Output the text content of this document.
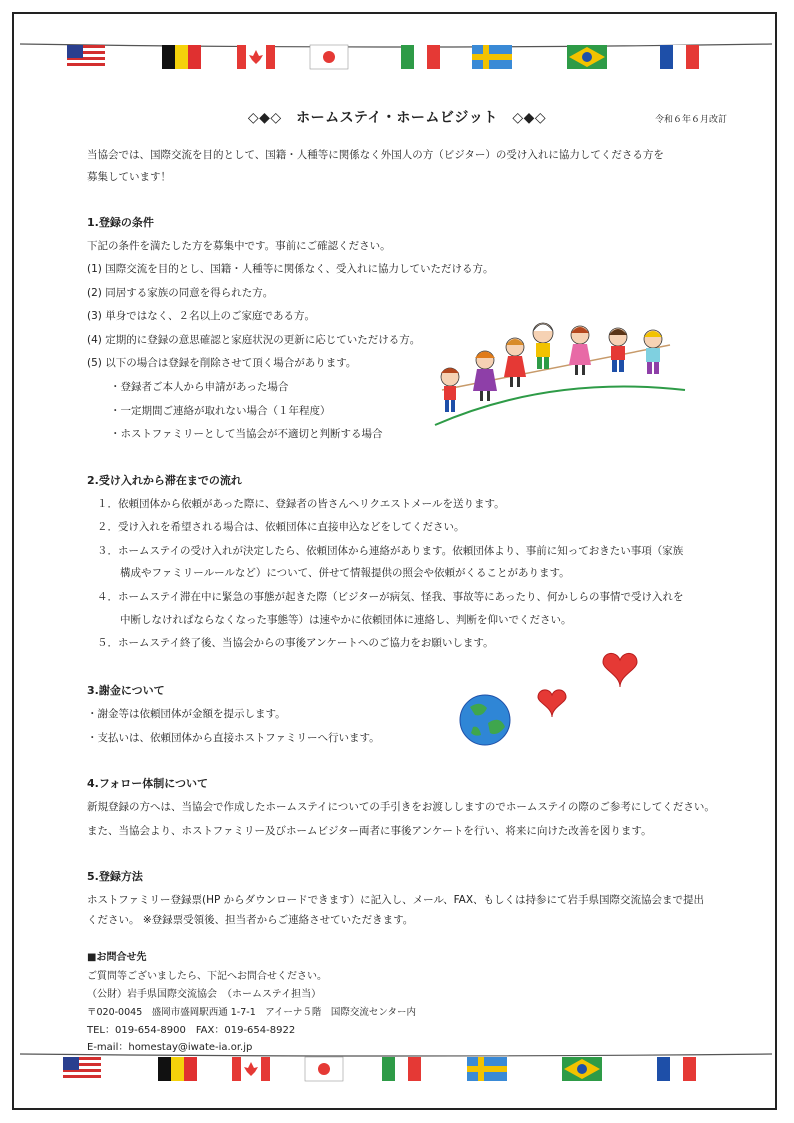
◇◆◇　ホームステイ・ホームビジット　◇◆◇	令和６年６月改訂
当協会では、国際交流を目的として、国籍・人種等に関係なく外国人の方（ビジター）の受け入れに協力してくださる方を
募集しています！
1.登録の条件
下記の条件を満たした方を募集中です。事前にご確認ください。
(1) 国際交流を目的とし、国籍・人種等に関係なく、受入れに協力していただける方。
(2) 同居する家族の同意を得られた方。
(3) 単身ではなく、２名以上のご家庭である方。
(4) 定期的に登録の意思確認と家庭状況の更新に応じていただける方。
(5) 以下の場合は登録を削除させて頂く場合があります。
・登録者ご本人から申請があった場合
・一定期間ご連絡が取れない場合（１年程度）
・ホストファミリーとして当協会が不適切と判断する場合
2.受け入れから滞在までの流れ
１．依頼団体から依頼があった際に、登録者の皆さんへリクエストメールを送ります。
２．受け入れを希望される場合は、依頼団体に直接申込などをしてください。
３．ホームステイの受け入れが決定したら、依頼団体から連絡があります。依頼団体より、事前に知っておきたい事項（家族
構成やファミリールールなど）について、併せて情報提供の照会や依頼がくることがあります。
４．ホームステイ滞在中に緊急の事態が起きた際（ビジターが病気、怪我、事故等にあったり、何かしらの事情で受け入れを
中断しなければならなくなった事態等）は速やかに依頼団体に連絡し、判断を仰いでください。
５．ホームステイ終了後、当協会からの事後アンケートへのご協力をお願いします。
3.謝金について
・謝金等は依頼団体が金額を提示します。
・支払いは、依頼団体から直接ホストファミリーへ行います。
4.フォロー体制について
新規登録の方へは、当協会で作成したホームステイについての手引きをお渡ししますのでホームステイの際のご参考にしてください。
また、当協会より、ホストファミリー及びホームビジター両者に事後アンケートを行い、将来に向けた改善を図ります。
5.登録方法
ホストファミリー登録票(HP からダウンロードできます）に記入し、メール、FAX、もしくは持参にて岩手県国際交流協会まで提出
ください。 ※登録票受領後、担当者からご連絡させていただきます。
■お問合せ先
ご質問等ございましたら、下記へお問合せください。
（公財）岩手県国際交流協会　（ホームステイ担当）
〒020-0045　盛岡市盛岡駅西通 1-7-1　アイーナ５階　国際交流センター内
TEL：019-654-8900　FAX：019-654-8922
E-mail：homestay@iwate-ia.or.jp
